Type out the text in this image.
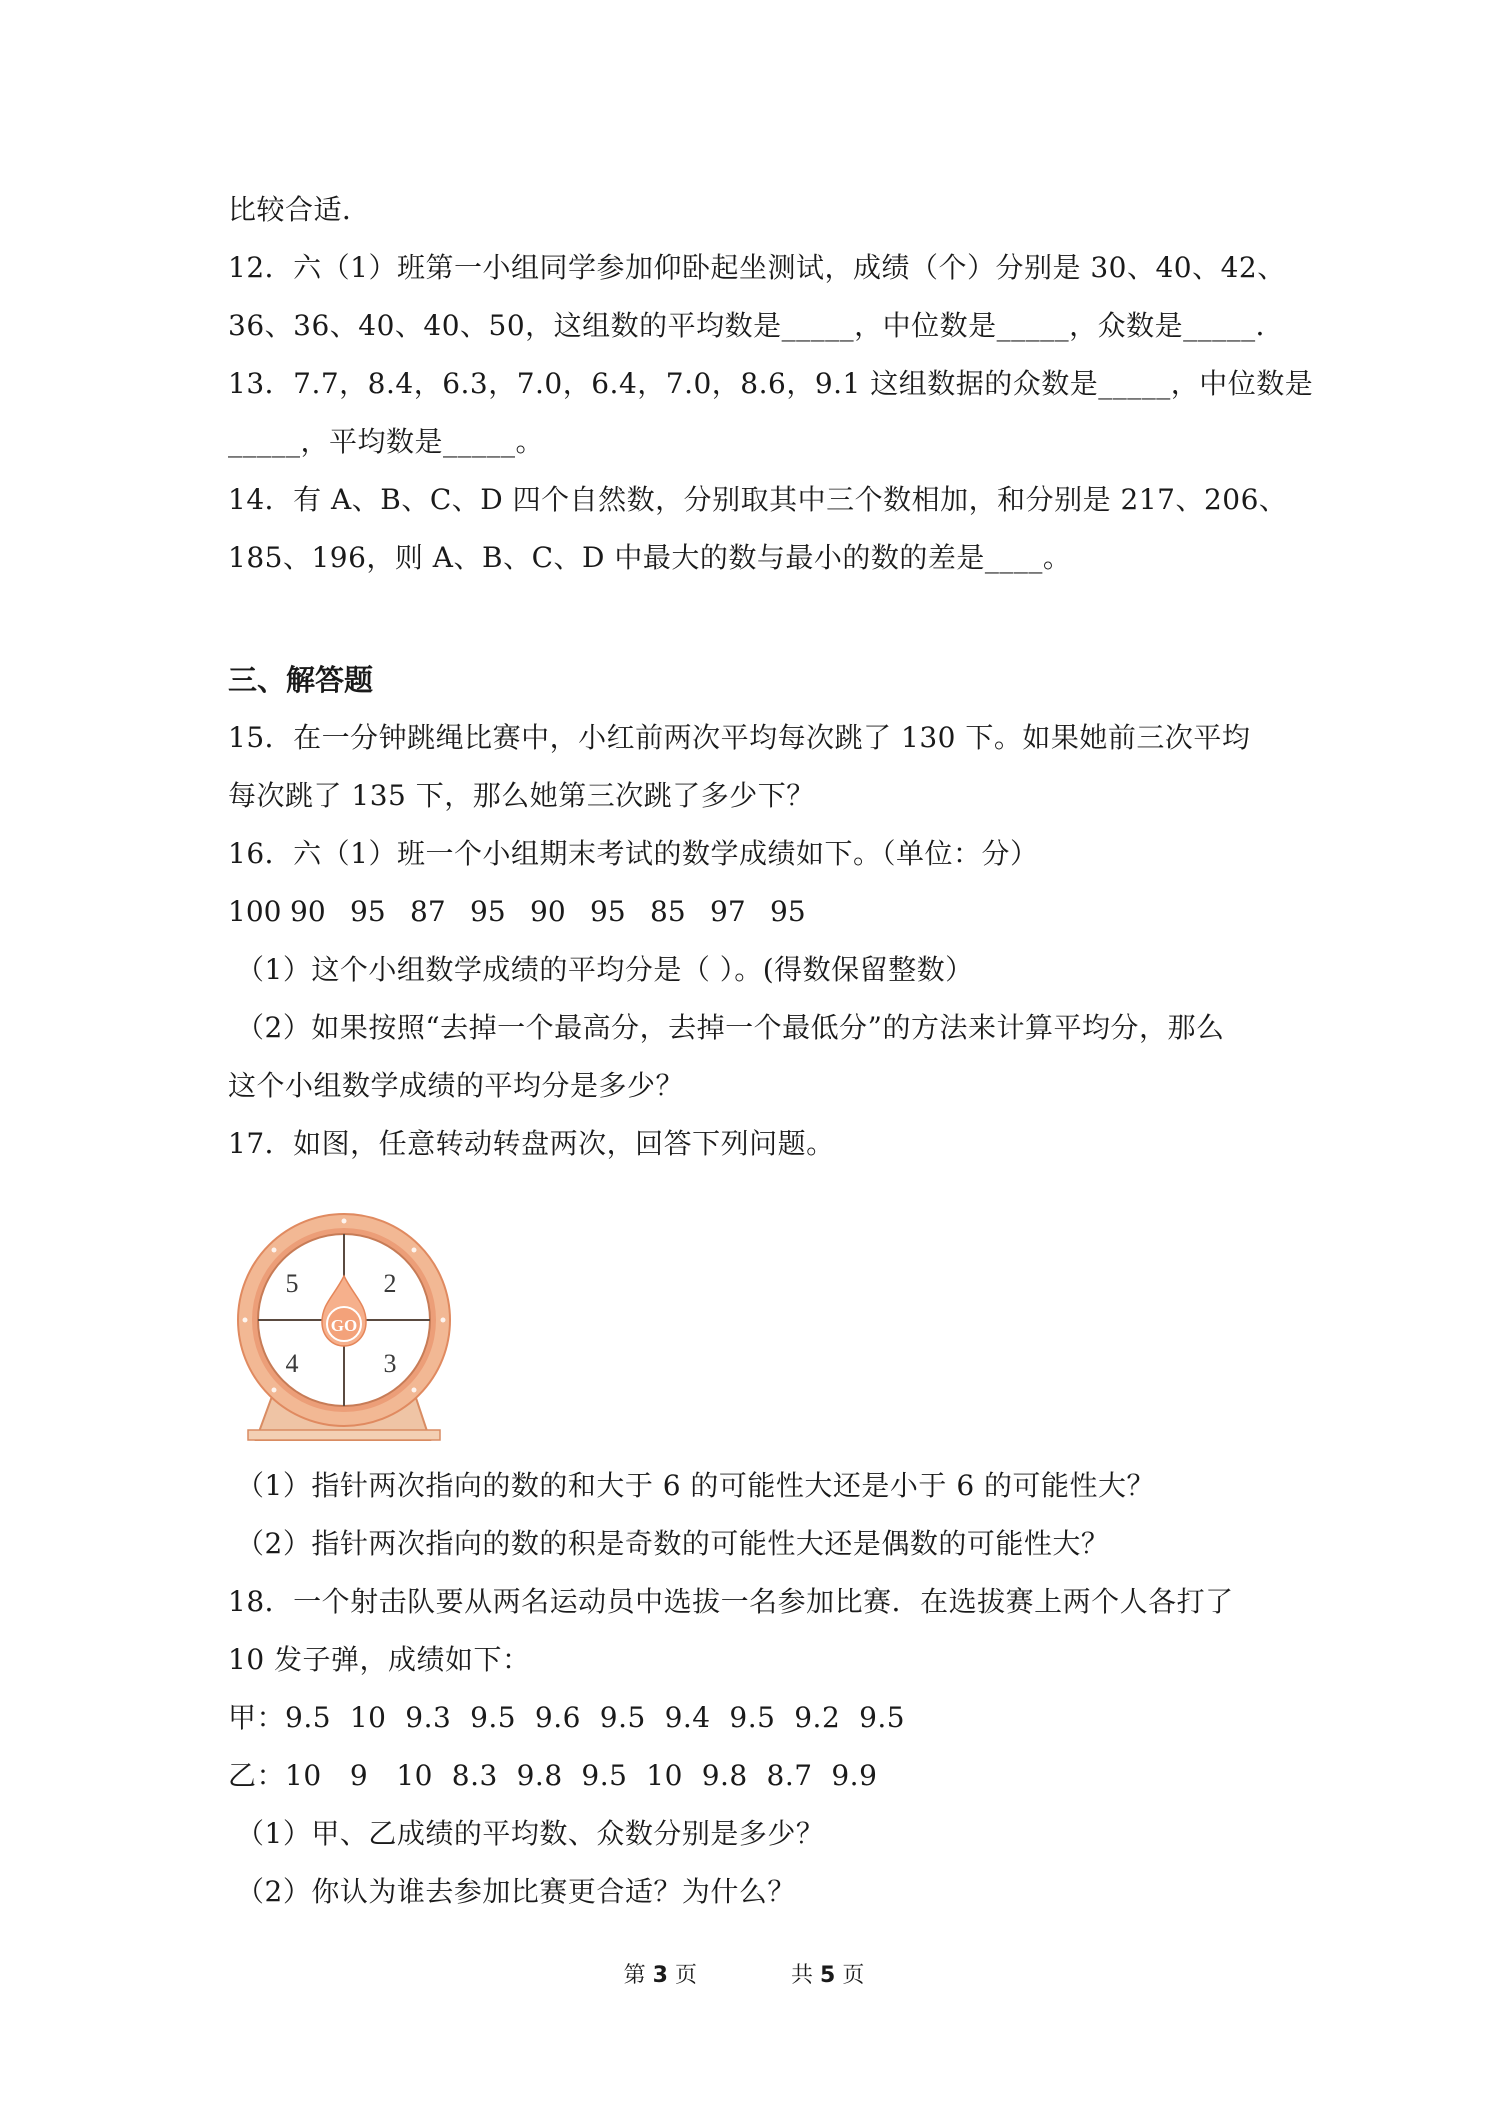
比较合适．
12．六（1）班第一小组同学参加仰卧起坐测试，成绩（个）分别是 30、40、42、
36、36、40、40、50，这组数的平均数是_____，中位数是_____，众数是_____．
13．7.7，8.4，6.3，7.0，6.4，7.0，8.6，9.1 这组数据的众数是_____，中位数是
_____，平均数是_____。
14．有 A、B、C、D 四个自然数，分别取其中三个数相加，和分别是 217、206、
185、196，则 A、B、C、D 中最大的数与最小的数的差是____。
三、解答题
15．在一分钟跳绳比赛中，小红前两次平均每次跳了 130 下。如果她前三次平均
每次跳了 135 下，那么她第三次跳了多少下？
16．六（1）班一个小组期末考试的数学成绩如下。（单位：分）
100 90 95 87 95 90 95 85 97 95
（1）这个小组数学成绩的平均分是（ ）。(得数保留整数）
（2）如果按照“去掉一个最高分，去掉一个最低分”的方法来计算平均分，那么
这个小组数学成绩的平均分是多少？
17．如图，任意转动转盘两次，回答下列问题。
GO
5	2
4	3
（1）指针两次指向的数的和大于 6 的可能性大还是小于 6 的可能性大？
（2）指针两次指向的数的积是奇数的可能性大还是偶数的可能性大？
18．一个射击队要从两名运动员中选拔一名参加比赛．在选拔赛上两个人各打了
10 发子弹，成绩如下：
甲：9.5  10  9.3  9.5  9.6  9.5  9.4  9.5  9.2  9.5
乙：10   9   10  8.3  9.8  9.5  10  9.8  8.7  9.9
（1）甲、乙成绩的平均数、众数分别是多少？
（2）你认为谁去参加比赛更合适？为什么？
第 3 页	共 5 页
